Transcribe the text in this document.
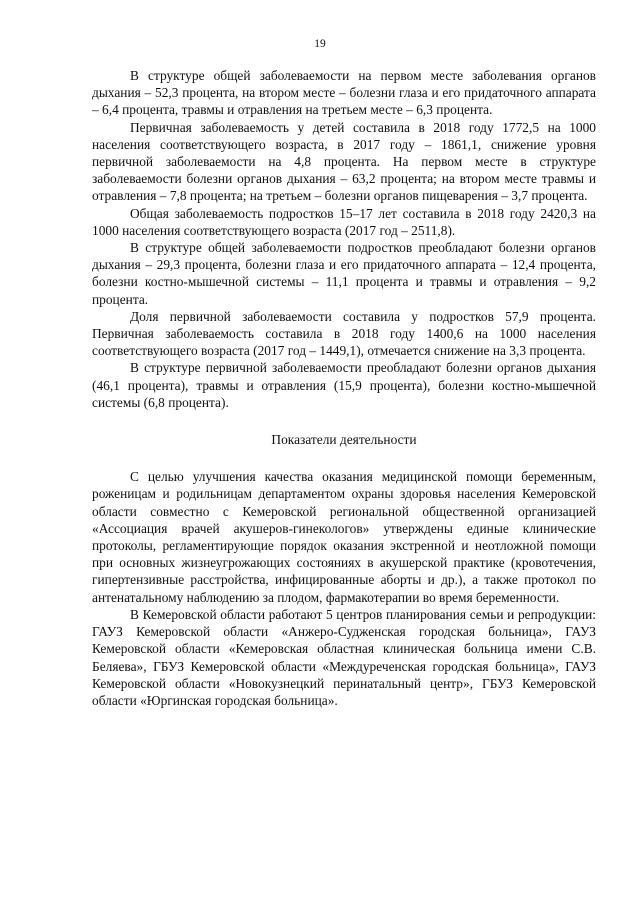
19

В структуре общей заболеваемости на первом месте заболевания органов дыхания – 52,3 процента, на втором месте – болезни глаза и его придаточного аппарата – 6,4 процента, травмы и отравления на третьем месте – 6,3 процента.

Первичная заболеваемость у детей составила в 2018 году 1772,5 на 1000 населения соответствующего возраста, в 2017 году – 1861,1, снижение уровня первичной заболеваемости на 4,8 процента. На первом месте в структуре заболеваемости болезни органов дыхания – 63,2 процента; на втором месте травмы и отравления – 7,8 процента; на третьем – болезни органов пищеварения – 3,7 процента.

Общая заболеваемость подростков 15–17 лет составила в 2018 году 2420,3 на 1000 населения соответствующего возраста (2017 год – 2511,8).

В структуре общей заболеваемости подростков преобладают болезни органов дыхания – 29,3 процента, болезни глаза и его придаточного аппарата – 12,4 процента, болезни костно-мышечной системы – 11,1 процента и травмы и отравления – 9,2 процента.

Доля первичной заболеваемости составила у подростков 57,9 процента. Первичная заболеваемость составила в 2018 году 1400,6 на 1000 населения соответствующего возраста (2017 год – 1449,1), отмечается снижение на 3,3 процента.

В структуре первичной заболеваемости преобладают болезни органов дыхания (46,1 процента), травмы и отравления (15,9 процента), болезни костно-мышечной системы (6,8 процента).

Показатели деятельности

С целью улучшения качества оказания медицинской помощи беременным, роженицам и родильницам департаментом охраны здоровья населения Кемеровской области совместно с Кемеровской региональной общественной организацией «Ассоциация врачей акушеров-гинекологов» утверждены единые клинические протоколы, регламентирующие порядок оказания экстренной и неотложной помощи при основных жизнеугрожающих состояниях в акушерской практике (кровотечения, гипертензивные расстройства, инфицированные аборты и др.), а также протокол по антенатальному наблюдению за плодом, фармакотерапии во время беременности.

В Кемеровской области работают 5 центров планирования семьи и репродукции: ГАУЗ Кемеровской области «Анжеро-Судженская городская больница», ГАУЗ Кемеровской области «Кемеровская областная клиническая больница имени С.В. Беляева», ГБУЗ Кемеровской области «Междуреченская городская больница», ГАУЗ Кемеровской области «Новокузнецкий перинатальный центр», ГБУЗ Кемеровской области «Юргинская городская больница».
